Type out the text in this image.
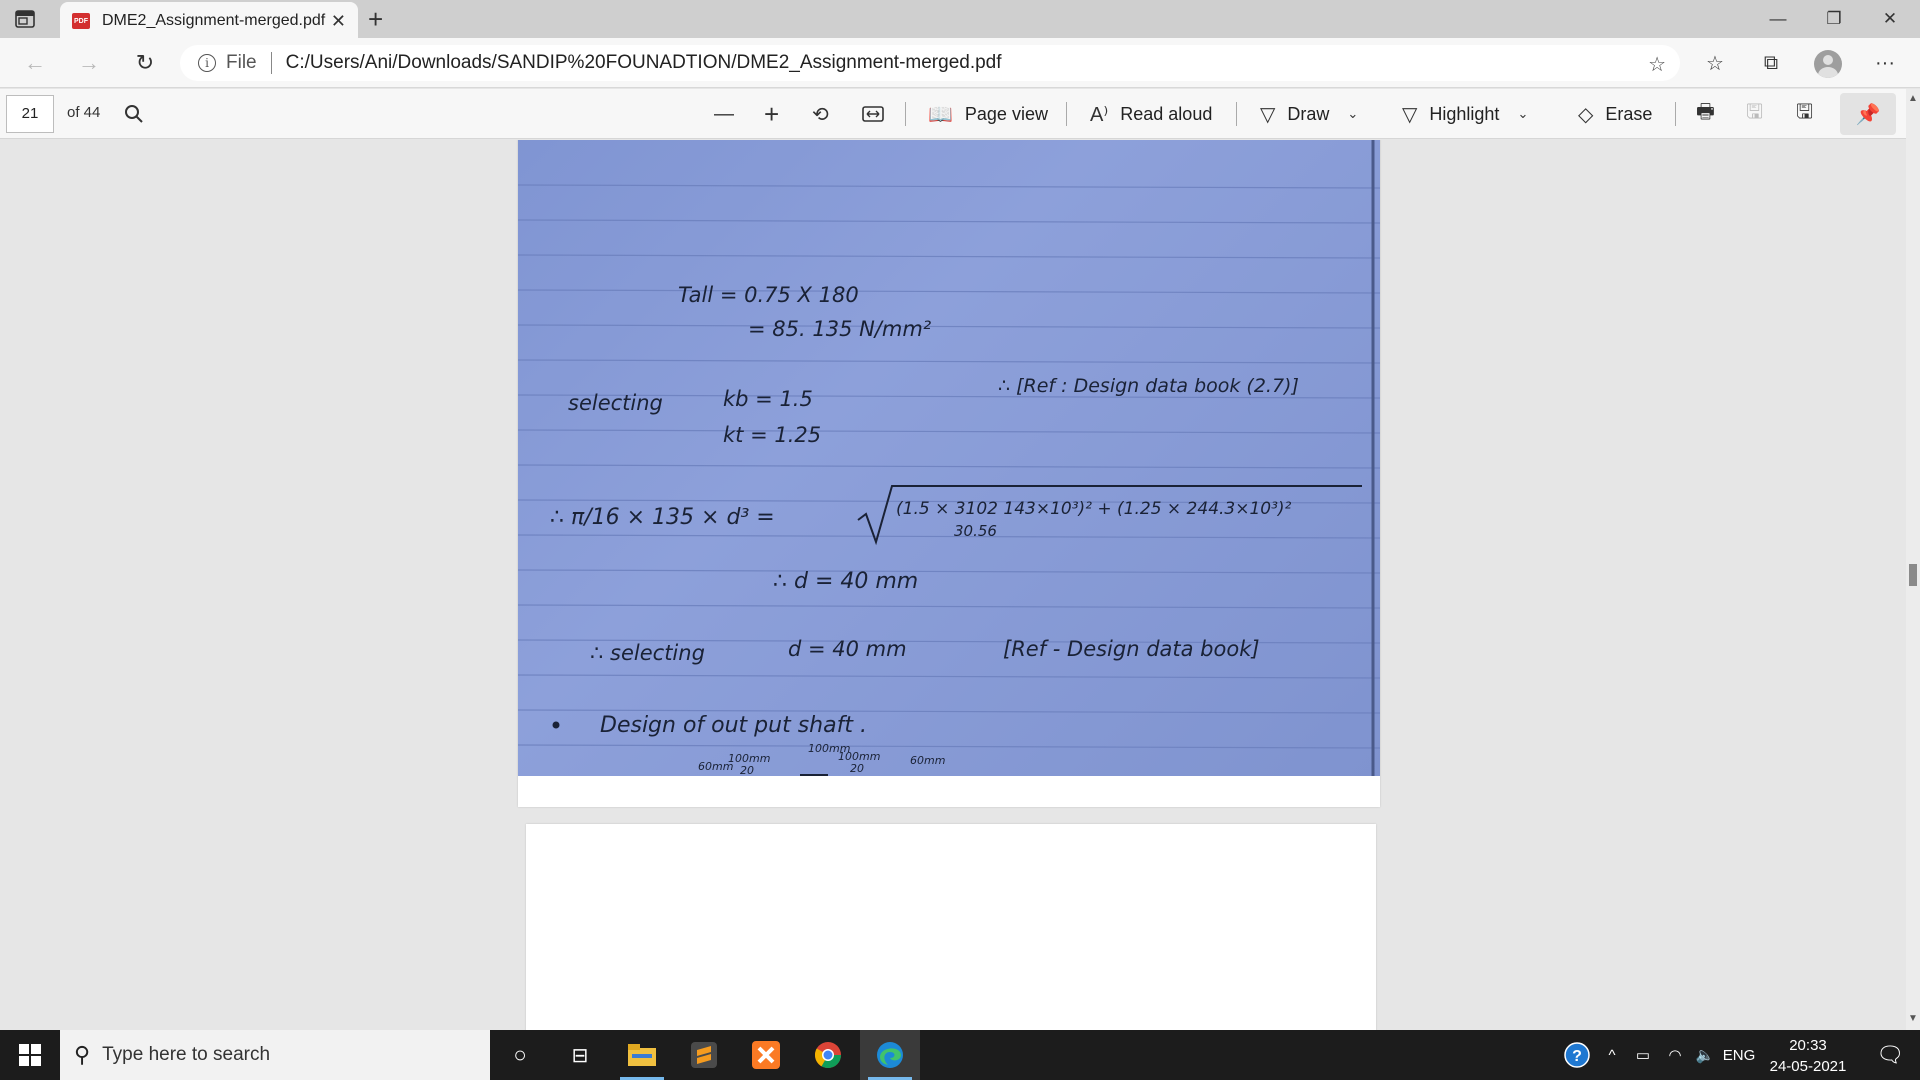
PDF DME2_Assignment-merged.pdf ✕ +	—	❐	✕
← → ↻	i File C:/Users/Ani/Downloads/SANDIP%20FOUNADTION/DME2_Assignment-merged.pdf	☆	☆	⧉	···
21	of 44	— + ⟲	📖 Page view A⁾ Read aloud ▽ Draw ⌄ ▽ Highlight ⌄ ◇ Erase 🖶 🖫 🖫	📌
Tall = 0.75 X 180
= 85. 135 N/mm²
∴ [Ref : Design data book (2.7)]
selecting	kb = 1.5
kt = 1.25
∴ π/16 × 135 × d³ =	(1.5 × 3102 143×10³)² + (1.25 × 244.3×10³)²
30.56
∴ d = 40 mm
∴ selecting	d = 40 mm	[Ref - Design data book]
Design of out put shaft .
100mm
60mm	60mm
20	20
100mm	100mm
▲
▼
⚲ Type here to search	○	⊟	?	^	▭	◠ 🔈 ENG
20:33
24-05-2021	🗨
